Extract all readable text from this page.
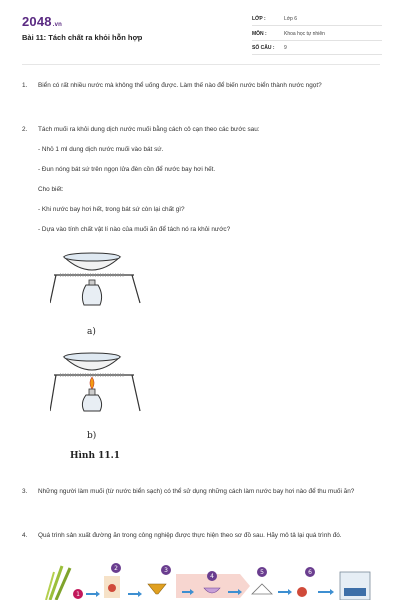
2048.vn
Bài 11: Tách chất ra khỏi hỗn hợp
LỚP :	Lớp 6
MÔN :	Khoa học tự nhiên
SỐ CÂU : 9
1.	Biển có rất nhiều nước mà không thể uống được. Làm thế nào để biến nước biển thành nước ngọt?
2.	Tách muối ra khỏi dung dịch nước muối bằng cách cô cạn theo các bước sau:
- Nhỏ 1 ml dung dịch nước muối vào bát sứ.
- Đun nóng bát sứ trên ngọn lửa đèn cồn để nước bay hơi hết.
Cho biết:
- Khi nước bay hơi hết, trong bát sứ còn lại chất gì?
- Dựa vào tính chất vật lí nào của muối ăn để tách nó ra khỏi nước?
a)
b)
Hình 11.1
3.	Những người làm muối (từ nước biển sạch) có thể sử dụng những cách làm nước bay hơi nào để thu muối ăn?
4.	Quá trình sản xuất đường ăn trong công nghiệp được thực hiện theo sơ đồ sau. Hãy mô tả lại quá trình đó.
1
2	3
4
5	6
